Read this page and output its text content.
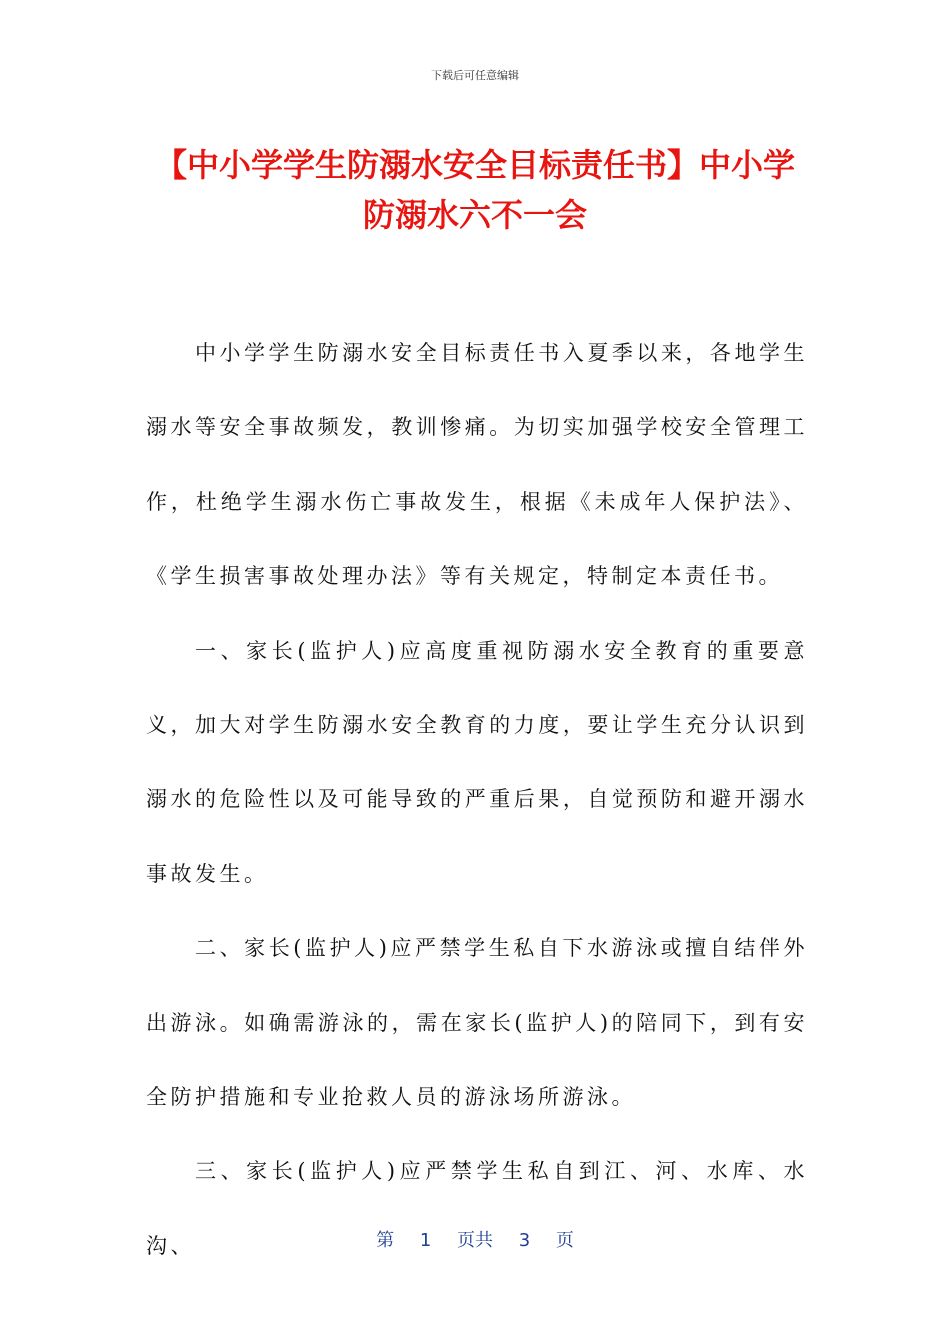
下载后可任意编辑
【中小学学生防溺水安全目标责任书】中小学防溺水六不一会

中小学学生防溺水安全目标责任书入夏季以来，各地学生溺水等安全事故频发，教训惨痛。为切实加强学校安全管理工作，杜绝学生溺水伤亡事故发生，根据《未成年人保护法》、《学生损害事故处理办法》等有关规定，特制定本责任书。

一、家长(监护人)应高度重视防溺水安全教育的重要意义，加大对学生防溺水安全教育的力度，要让学生充分认识到溺水的危险性以及可能导致的严重后果，自觉预防和避开溺水事故发生。

二、家长(监护人)应严禁学生私自下水游泳或擅自结伴外出游泳。如确需游泳的，需在家长(监护人)的陪同下，到有安全防护措施和专业抢救人员的游泳场所游泳。

三、家长(监护人)应严禁学生私自到江、河、水库、水沟、	第 1 页共 3 页
